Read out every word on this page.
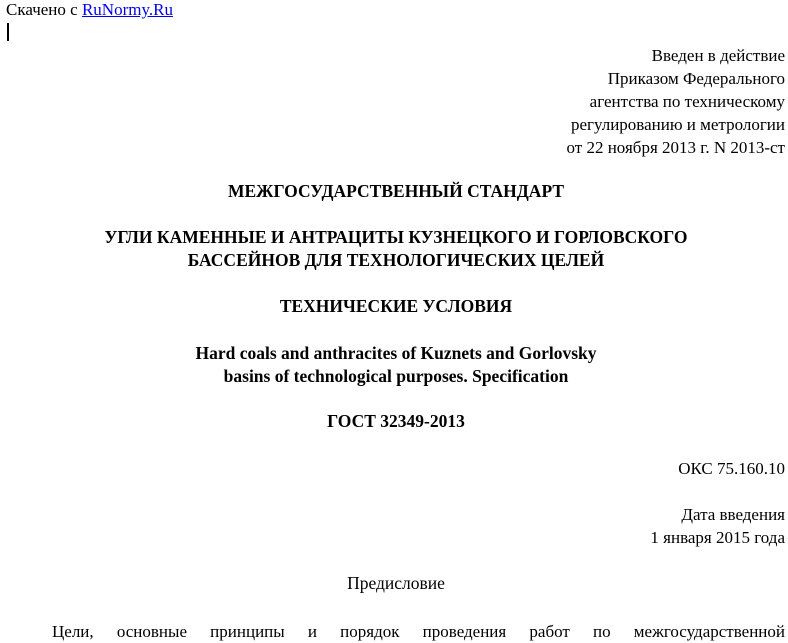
Скачено с RuNormy.Ru
Введен в действие
Приказом Федерального
агентства по техническому
регулированию и метрологии
от 22 ноября 2013 г. N 2013-ст
МЕЖГОСУДАРСТВЕННЫЙ СТАНДАРТ
УГЛИ КАМЕННЫЕ И АНТРАЦИТЫ КУЗНЕЦКОГО И ГОРЛОВСКОГО
БАССЕЙНОВ ДЛЯ ТЕХНОЛОГИЧЕСКИХ ЦЕЛЕЙ
ТЕХНИЧЕСКИЕ УСЛОВИЯ
Hard coals and anthracites of Kuznets and Gorlovsky
basins of technological purposes. Specification
ГОСТ 32349-2013
ОКС 75.160.10
Дата введения
1 января 2015 года
Предисловие
Цели, основные принципы и порядок проведения работ по межгосударственной
